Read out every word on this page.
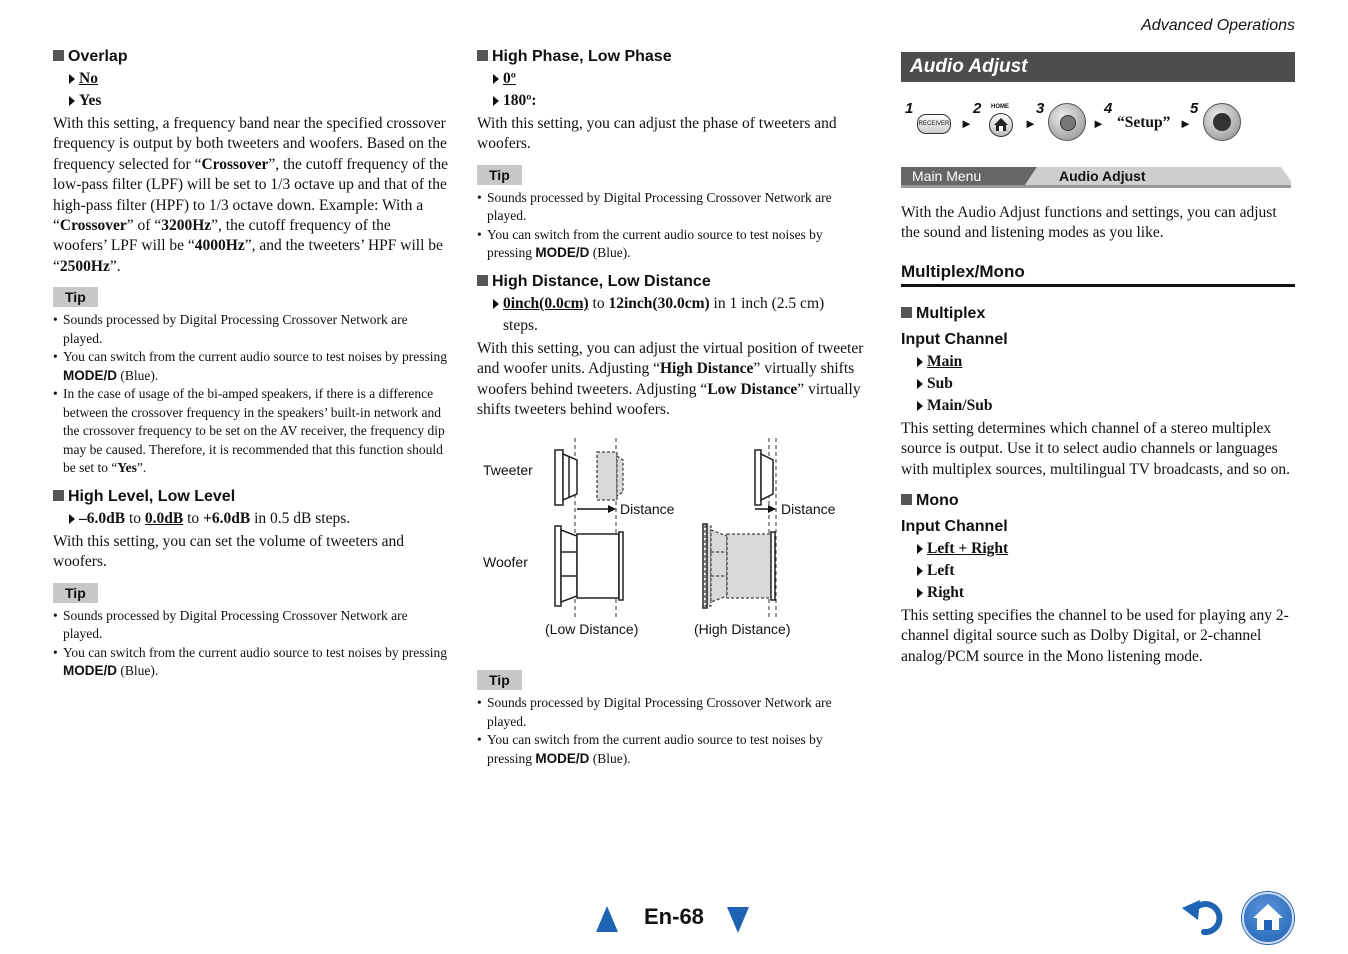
Advanced Operations
Overlap
No
Yes

With this setting, a frequency band near the specified crossover frequency is output by both tweeters and woofers. Based on the frequency selected for “Crossover”, the cutoff frequency of the low-pass filter (LPF) will be set to 1/3 octave up and that of the high-pass filter (HPF) to 1/3 octave down. Example: With a “Crossover” of “3200Hz”, the cutoff frequency of the woofers’ LPF will be “4000Hz”, and the tweeters’ HPF will be “2500Hz”.

Tip
• Sounds processed by Digital Processing Crossover Network are played.
• You can switch from the current audio source to test noises by pressing MODE/D (Blue).
• In the case of usage of the bi-amped speakers, if there is a difference between the crossover frequency in the speakers’ built-in network and the crossover frequency to be set on the AV receiver, the frequency dip may be caused. Therefore, it is recommended that this function should be set to “Yes”.
High Level, Low Level
–6.0dB to 0.0dB to +6.0dB in 0.5 dB steps.

With this setting, you can set the volume of tweeters and woofers.

Tip
• Sounds processed by Digital Processing Crossover Network are played.
• You can switch from the current audio source to test noises by pressing MODE/D (Blue).
High Phase, Low Phase
0º
180º:

With this setting, you can adjust the phase of tweeters and woofers.

Tip
• Sounds processed by Digital Processing Crossover Network are played.
• You can switch from the current audio source to test noises by pressing MODE/D (Blue).
High Distance, Low Distance
0inch(0.0cm) to 12inch(30.0cm) in 1 inch (2.5 cm)
steps.

With this setting, you can adjust the virtual position of tweeter and woofer units. Adjusting “High Distance” virtually shifts woofers behind tweeters. Adjusting “Low Distance” virtually shifts tweeters behind woofers.

Tweeter
Woofer
Distance	Distance
(Low Distance)	(High Distance)
Tip
• Sounds processed by Digital Processing Crossover Network are played.
• You can switch from the current audio source to test noises by pressing MODE/D (Blue).
Audio Adjust
1
RECEIVER ►
2 HOME
►
3
►
4
“Setup” ►
5
Main Menu	Audio Adjust

With the Audio Adjust functions and settings, you can adjust the sound and listening modes as you like.

Multiplex/Mono
Multiplex
Input Channel
Main
Sub
Main/Sub

This setting determines which channel of a stereo multiplex source is output. Use it to select audio channels or languages with multiplex sources, multilingual TV broadcasts, and so on.

Mono
Input Channel
Left + Right
Left
Right

This setting specifies the channel to be used for playing any 2-channel digital source such as Dolby Digital, or 2-channel analog/PCM source in the Mono listening mode.

En-68
